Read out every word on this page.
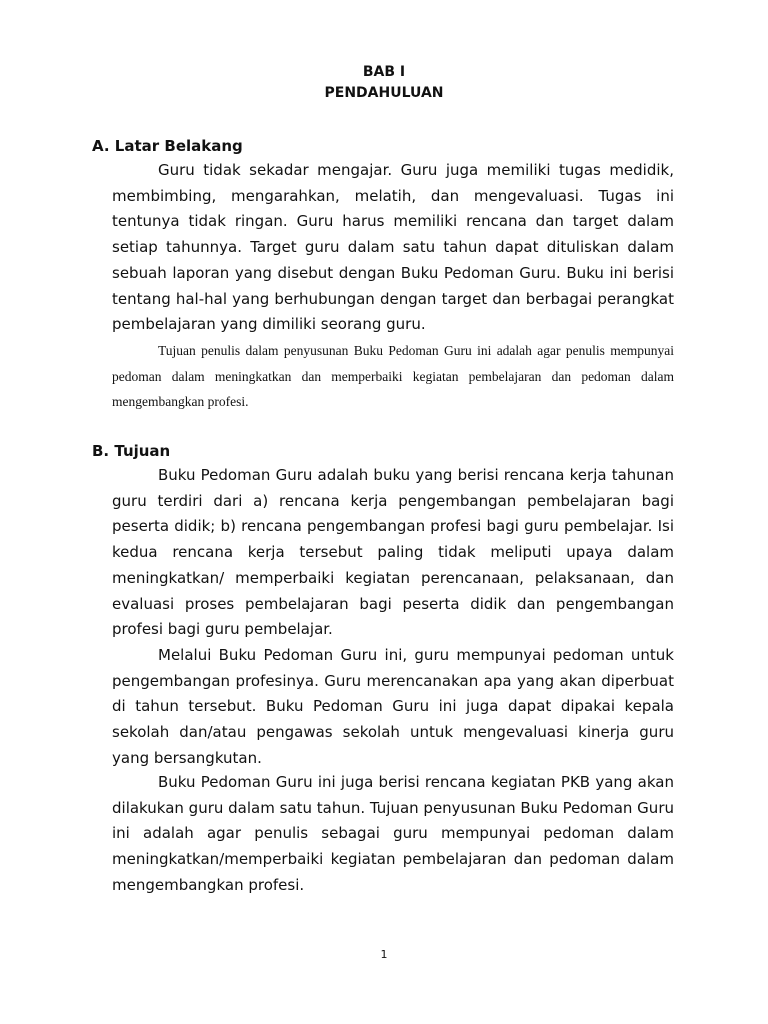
BAB I

PENDAHULUAN

A. Latar Belakang

Guru tidak sekadar mengajar. Guru juga memiliki tugas medidik, membimbing, mengarahkan, melatih, dan mengevaluasi. Tugas ini tentunya tidak ringan. Guru harus memiliki rencana dan target dalam setiap tahunnya. Target guru dalam satu tahun dapat dituliskan dalam sebuah laporan yang disebut dengan Buku Pedoman Guru. Buku ini berisi tentang hal-hal yang berhubungan dengan target dan berbagai perangkat pembelajaran yang dimiliki seorang guru.

Tujuan penulis dalam penyusunan Buku Pedoman Guru ini adalah agar penulis mempunyai pedoman dalam meningkatkan dan memperbaiki kegiatan pembelajaran dan pedoman dalam mengembangkan profesi.

B. Tujuan

Buku Pedoman Guru adalah buku yang berisi rencana kerja tahunan guru terdiri dari a) rencana kerja pengembangan pembelajaran bagi peserta didik; b) rencana pengembangan profesi bagi guru pembelajar. Isi kedua rencana kerja tersebut paling tidak meliputi upaya dalam meningkatkan/ memperbaiki kegiatan perencanaan, pelaksanaan, dan evaluasi proses pembelajaran bagi peserta didik dan pengembangan profesi bagi guru pembelajar.

Melalui Buku Pedoman Guru ini, guru mempunyai pedoman untuk pengembangan profesinya. Guru merencanakan apa yang akan diperbuat di tahun tersebut. Buku Pedoman Guru ini juga dapat dipakai kepala sekolah dan/atau pengawas sekolah untuk mengevaluasi kinerja guru yang bersangkutan.

Buku Pedoman Guru ini juga berisi rencana kegiatan PKB yang akan dilakukan guru dalam satu tahun. Tujuan penyusunan Buku Pedoman Guru ini adalah agar penulis sebagai guru mempunyai pedoman dalam meningkatkan/memperbaiki kegiatan pembelajaran dan pedoman dalam mengembangkan profesi.

1
